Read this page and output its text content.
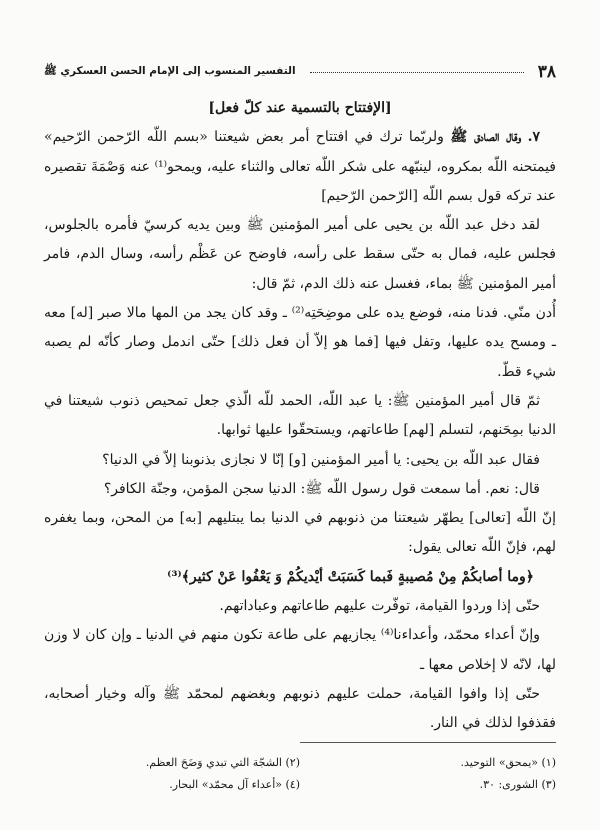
٣٨
التفسير المنسوب إلى الإمام الحسن العسكري ﷺ

[الإفتتاح بالتسمية عند كلّ فعل]

٧. وقال الصادق ﷺ ولربّما ترك في افتتاح أمر بعض شيعتنا «بسم اللّه الرّحمن الرّحيم» فيمتحنه اللّه بمكروه، لينبّهه على شكر اللّه تعالى والثناء عليه، ويمحو⁽¹⁾ عنه وَصْمَةَ تقصيره عند تركه قول بسم اللّه [الرّحمن الرّحيم]

لقد دخل عبد اللّه بن يحيى على أمير المؤمنين ﷺ وبين يديه كرسيّ فأمره بالجلوس، فجلس عليه، فمال به حتّى سقط على رأسه، فاوضح عن عَظْم رأسه، وسال الدم، فامر أمير المؤمنين ﷺ بماء، فغسل عنه ذلك الدم، ثمّ قال:

أُدن منّي. فدنا منه، فوضع يده على موضِحَتِه⁽²⁾ ـ وقد كان يجد من المها مالا صبر [له] معه ـ ومسح يده عليها، وتفل فيها [فما هو إلاّ أن فعل ذلك] حتّى اندمل وصار كأنّه لم يصبه شيء قطّ.

ثمّ قال أمير المؤمنين ﷺ: يا عبد اللّه، الحمد للّه الّذي جعل تمحيص ذنوب شيعتنا في الدنيا بمِحَنهم، لتسلم [لهم] طاعاتهم، ويستحقّوا عليها ثوابها.

فقال عبد اللّه بن يحيى: يا أمير المؤمنين [و] إنّا لا نجازى بذنوبنا إلاّ في الدنيا؟

قال: نعم. أما سمعت قول رسول اللّه ﷺ: الدنيا سجن المؤمن، وجنّة الكافر؟

إنّ اللّه [تعالى] يطهّر شيعتنا من ذنوبهم في الدنيا بما يبتليهم [به] من المحن، وبما يغفره لهم، فإنّ اللّه تعالى يقول:

﴿وما أصابكُمْ مِنْ مُصيبةٍ فَبما كَسَبَتْ أيْديكُمْ وَ يَعْفُوا عَنْ كثير﴾⁽³⁾

حتّى إذا وردوا القيامة، توفّرت عليهم طاعاتهم وعباداتهم.

وإنّ أعداء محمّد، وأعداءنا⁽⁴⁾ يجازيهم على طاعة تكون منهم في الدنيا ـ وإن كان لا وزن لها، لانّه لا إخلاص معها ـ

حتّى إذا وافوا القيامة، حملت عليهم ذنوبهم وبغضهم لمحمّد ﷺ وآله وخيار أصحابه، فقذفوا لذلك في النار.

(١) «يمحق» التوحيد.
(٢) الشجّة التي تبدي وَضَحَ العظم.
(٣) الشورى: ٣٠.
(٤) «أعداء آل محمّد» البحار.
